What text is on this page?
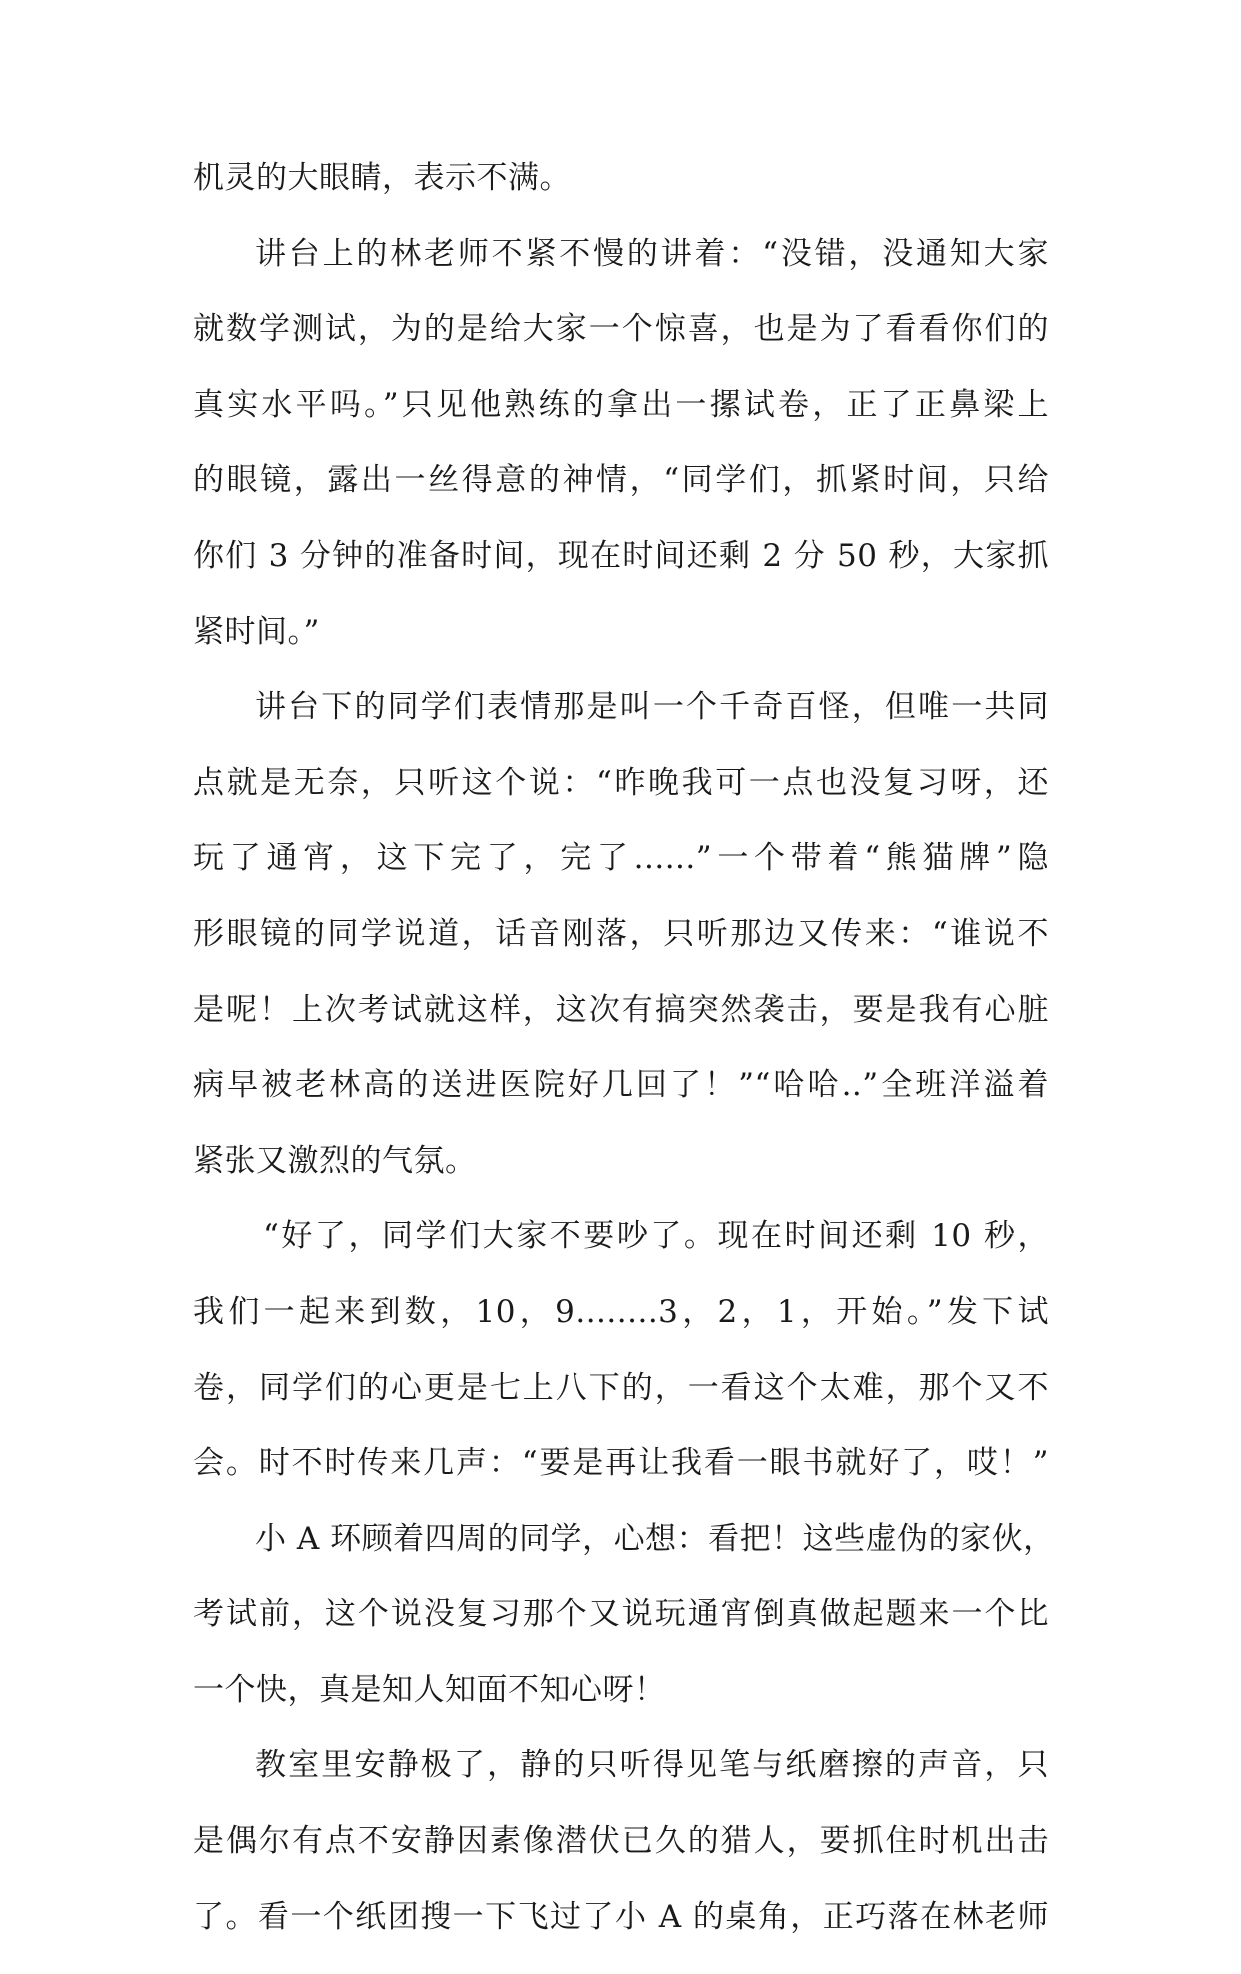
机灵的大眼睛，表示不满。
讲台上的林老师不紧不慢的讲着：“没错，没通知大家
就数学测试，为的是给大家一个惊喜，也是为了看看你们的
真实水平吗。”只见他熟练的拿出一摞试卷，正了正鼻梁上
的眼镜，露出一丝得意的神情，“同学们，抓紧时间，只给
你们 3 分钟的准备时间，现在时间还剩 2 分 50 秒，大家抓
紧时间。”
讲台下的同学们表情那是叫一个千奇百怪，但唯一共同
点就是无奈，只听这个说：“昨晚我可一点也没复习呀，还
玩了通宵，这下完了，完了......”一个带着“熊猫牌”隐
形眼镜的同学说道，话音刚落，只听那边又传来：“谁说不
是呢！上次考试就这样，这次有搞突然袭击，要是我有心脏
病早被老林高的送进医院好几回了！”“哈哈..”全班洋溢着
紧张又激烈的气氛。
“好了，同学们大家不要吵了。现在时间还剩 10 秒，
我们一起来到数，10，9........3，2，1，开始。”发下试
卷，同学们的心更是七上八下的，一看这个太难，那个又不
会。时不时传来几声：“要是再让我看一眼书就好了，哎！”
小 A 环顾着四周的同学，心想：看把！这些虚伪的家伙，
考试前，这个说没复习那个又说玩通宵倒真做起题来一个比
一个快，真是知人知面不知心呀！
教室里安静极了，静的只听得见笔与纸磨擦的声音，只
是偶尔有点不安静因素像潜伏已久的猎人，要抓住时机出击
了。看一个纸团搜一下飞过了小 A 的桌角，正巧落在林老师
